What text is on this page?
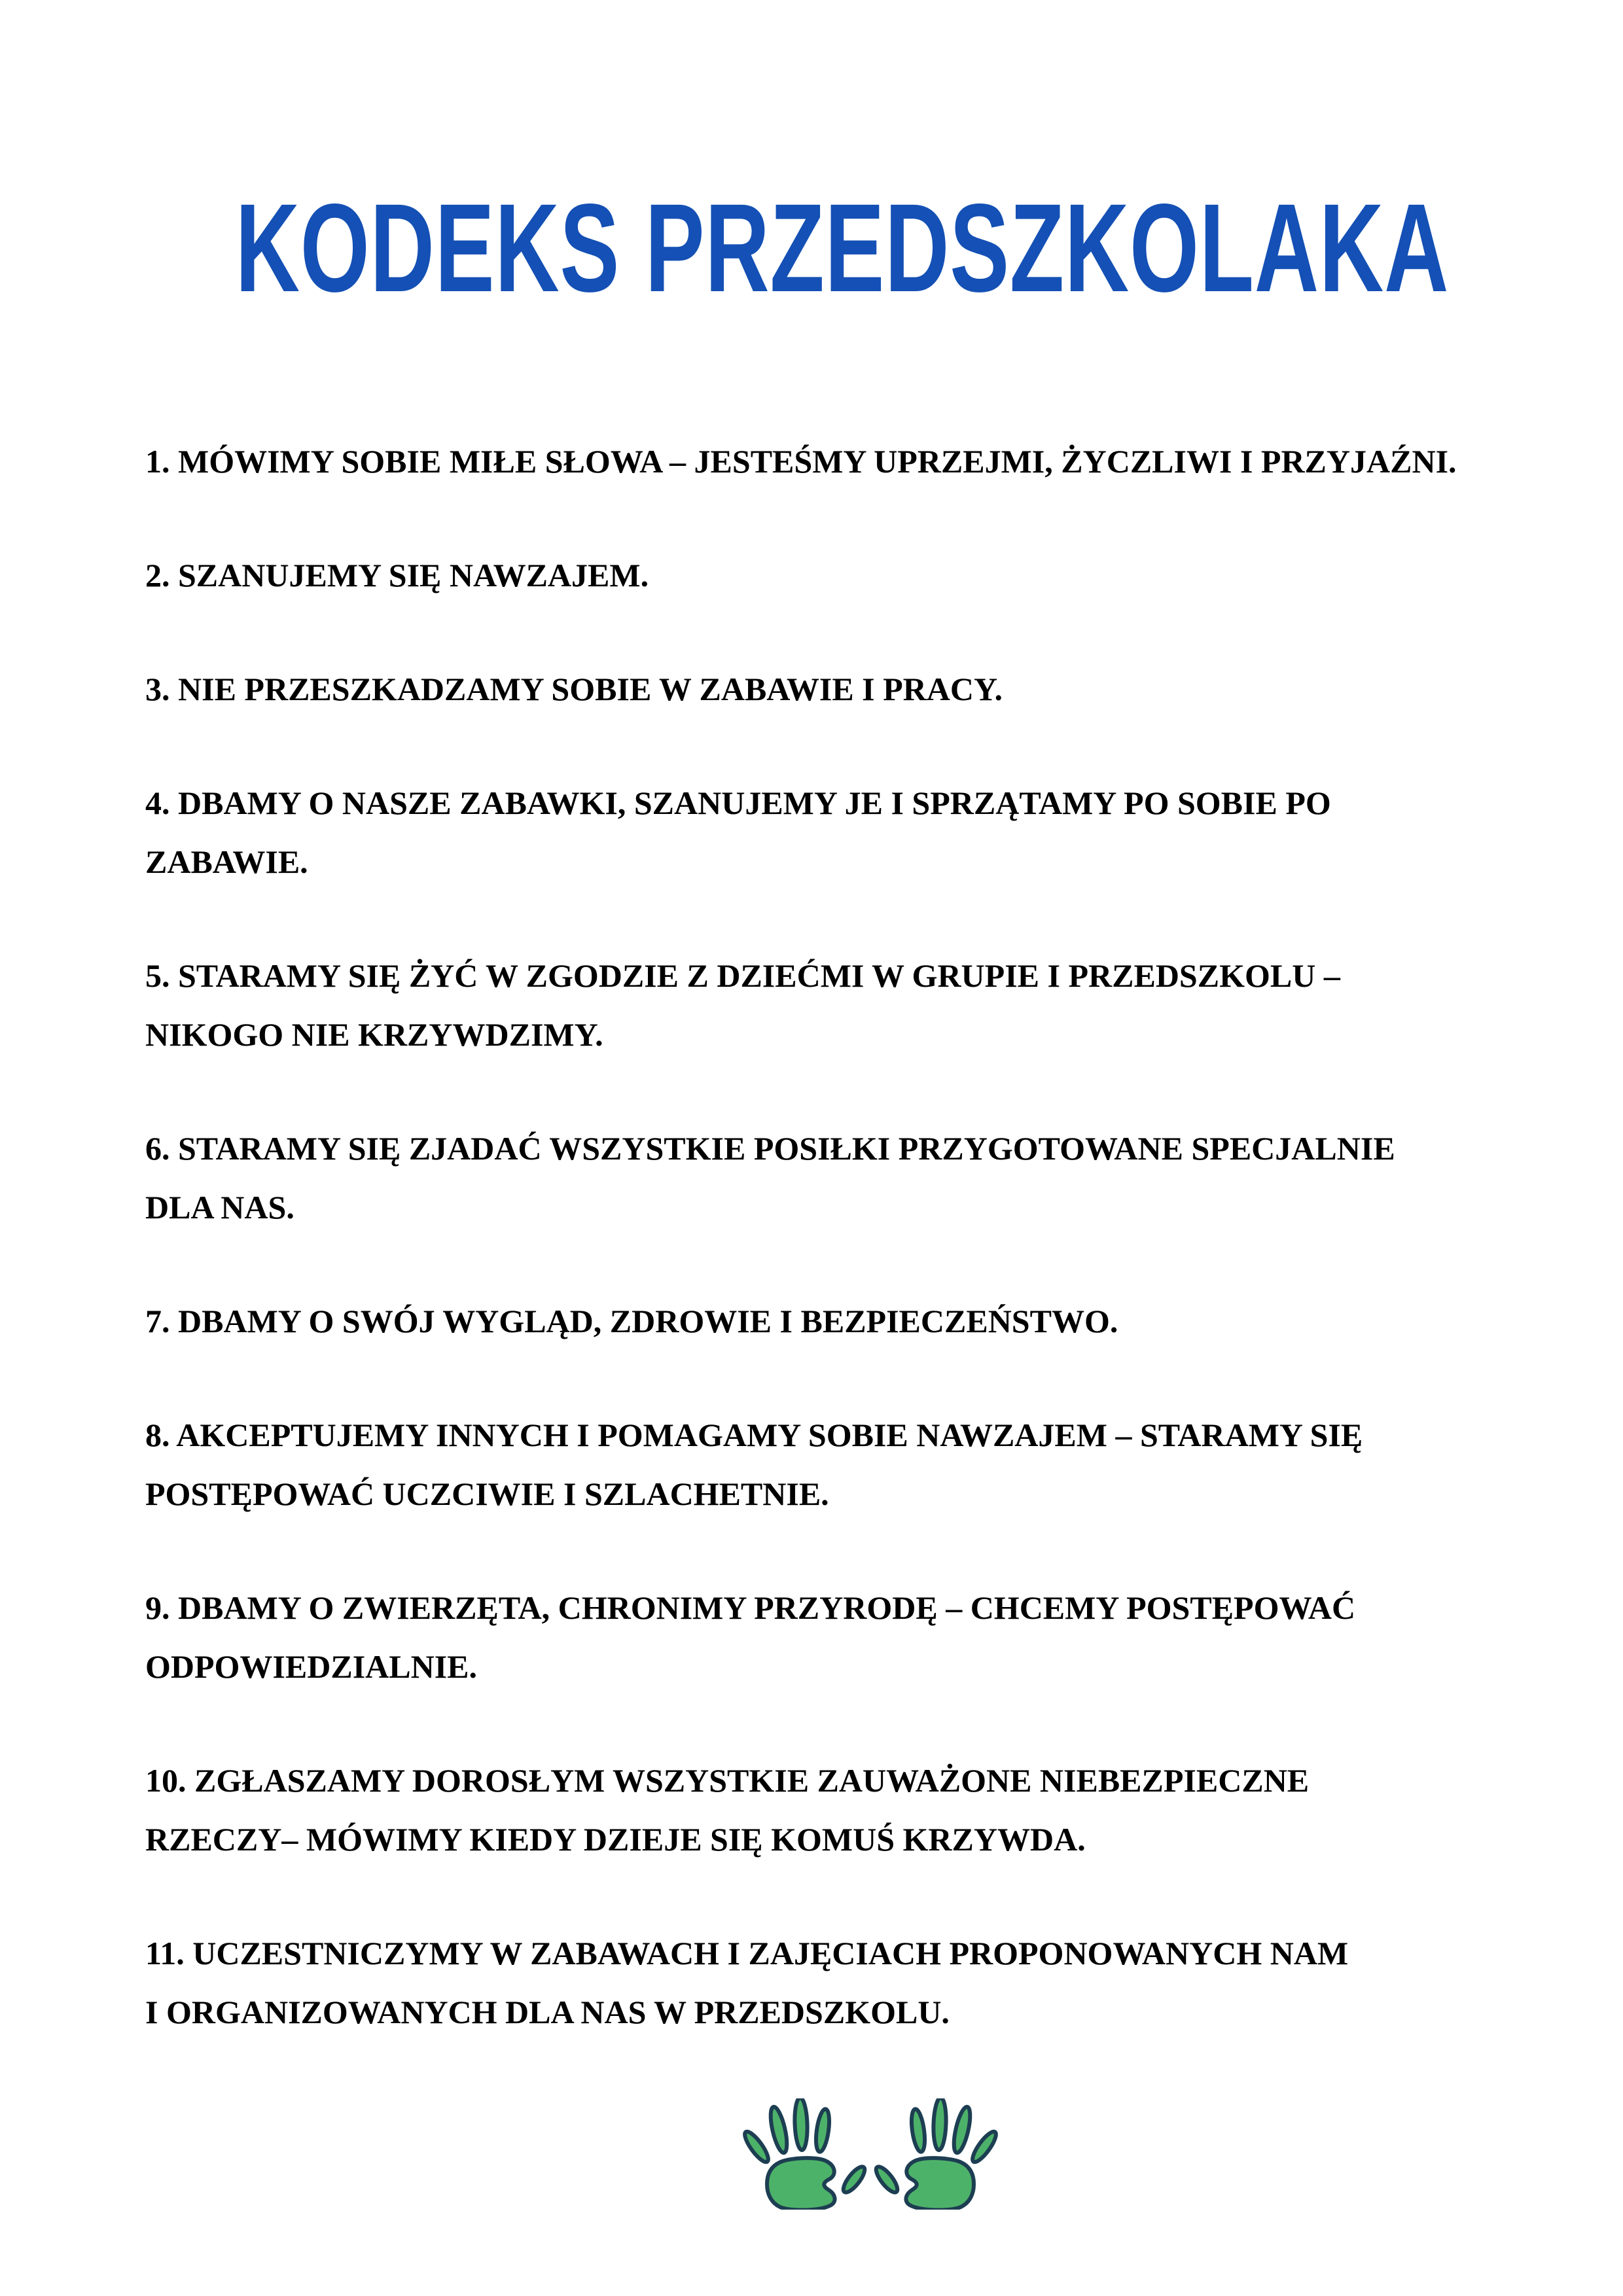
KODEKS PRZEDSZKOLAKA

1. MÓWIMY SOBIE MIŁE SŁOWA – JESTEŚMY UPRZEJMI, ŻYCZLIWI I PRZYJAŹNI.

2. SZANUJEMY SIĘ NAWZAJEM.

3. NIE PRZESZKADZAMY SOBIE W ZABAWIE I PRACY.

4. DBAMY O NASZE ZABAWKI, SZANUJEMY JE I SPRZĄTAMY PO SOBIE PO
ZABAWIE.

5. STARAMY SIĘ ŻYĆ W ZGODZIE Z DZIEĆMI W GRUPIE I PRZEDSZKOLU –
NIKOGO NIE KRZYWDZIMY.

6. STARAMY SIĘ ZJADAĆ WSZYSTKIE POSIŁKI PRZYGOTOWANE SPECJALNIE
DLA NAS.

7. DBAMY O SWÓJ WYGLĄD, ZDROWIE I BEZPIECZEŃSTWO.

8. AKCEPTUJEMY INNYCH I POMAGAMY SOBIE NAWZAJEM – STARAMY SIĘ
POSTĘPOWAĆ UCZCIWIE I SZLACHETNIE.

9. DBAMY O ZWIERZĘTA, CHRONIMY PRZYRODĘ – CHCEMY POSTĘPOWAĆ
ODPOWIEDZIALNIE.

10. ZGŁASZAMY DOROSŁYM WSZYSTKIE ZAUWAŻONE NIEBEZPIECZNE
RZECZY– MÓWIMY KIEDY DZIEJE SIĘ KOMUŚ KRZYWDA.

11. UCZESTNICZYMY W ZABAWACH I ZAJĘCIACH PROPONOWANYCH NAM
I ORGANIZOWANYCH DLA NAS W PRZEDSZKOLU.
